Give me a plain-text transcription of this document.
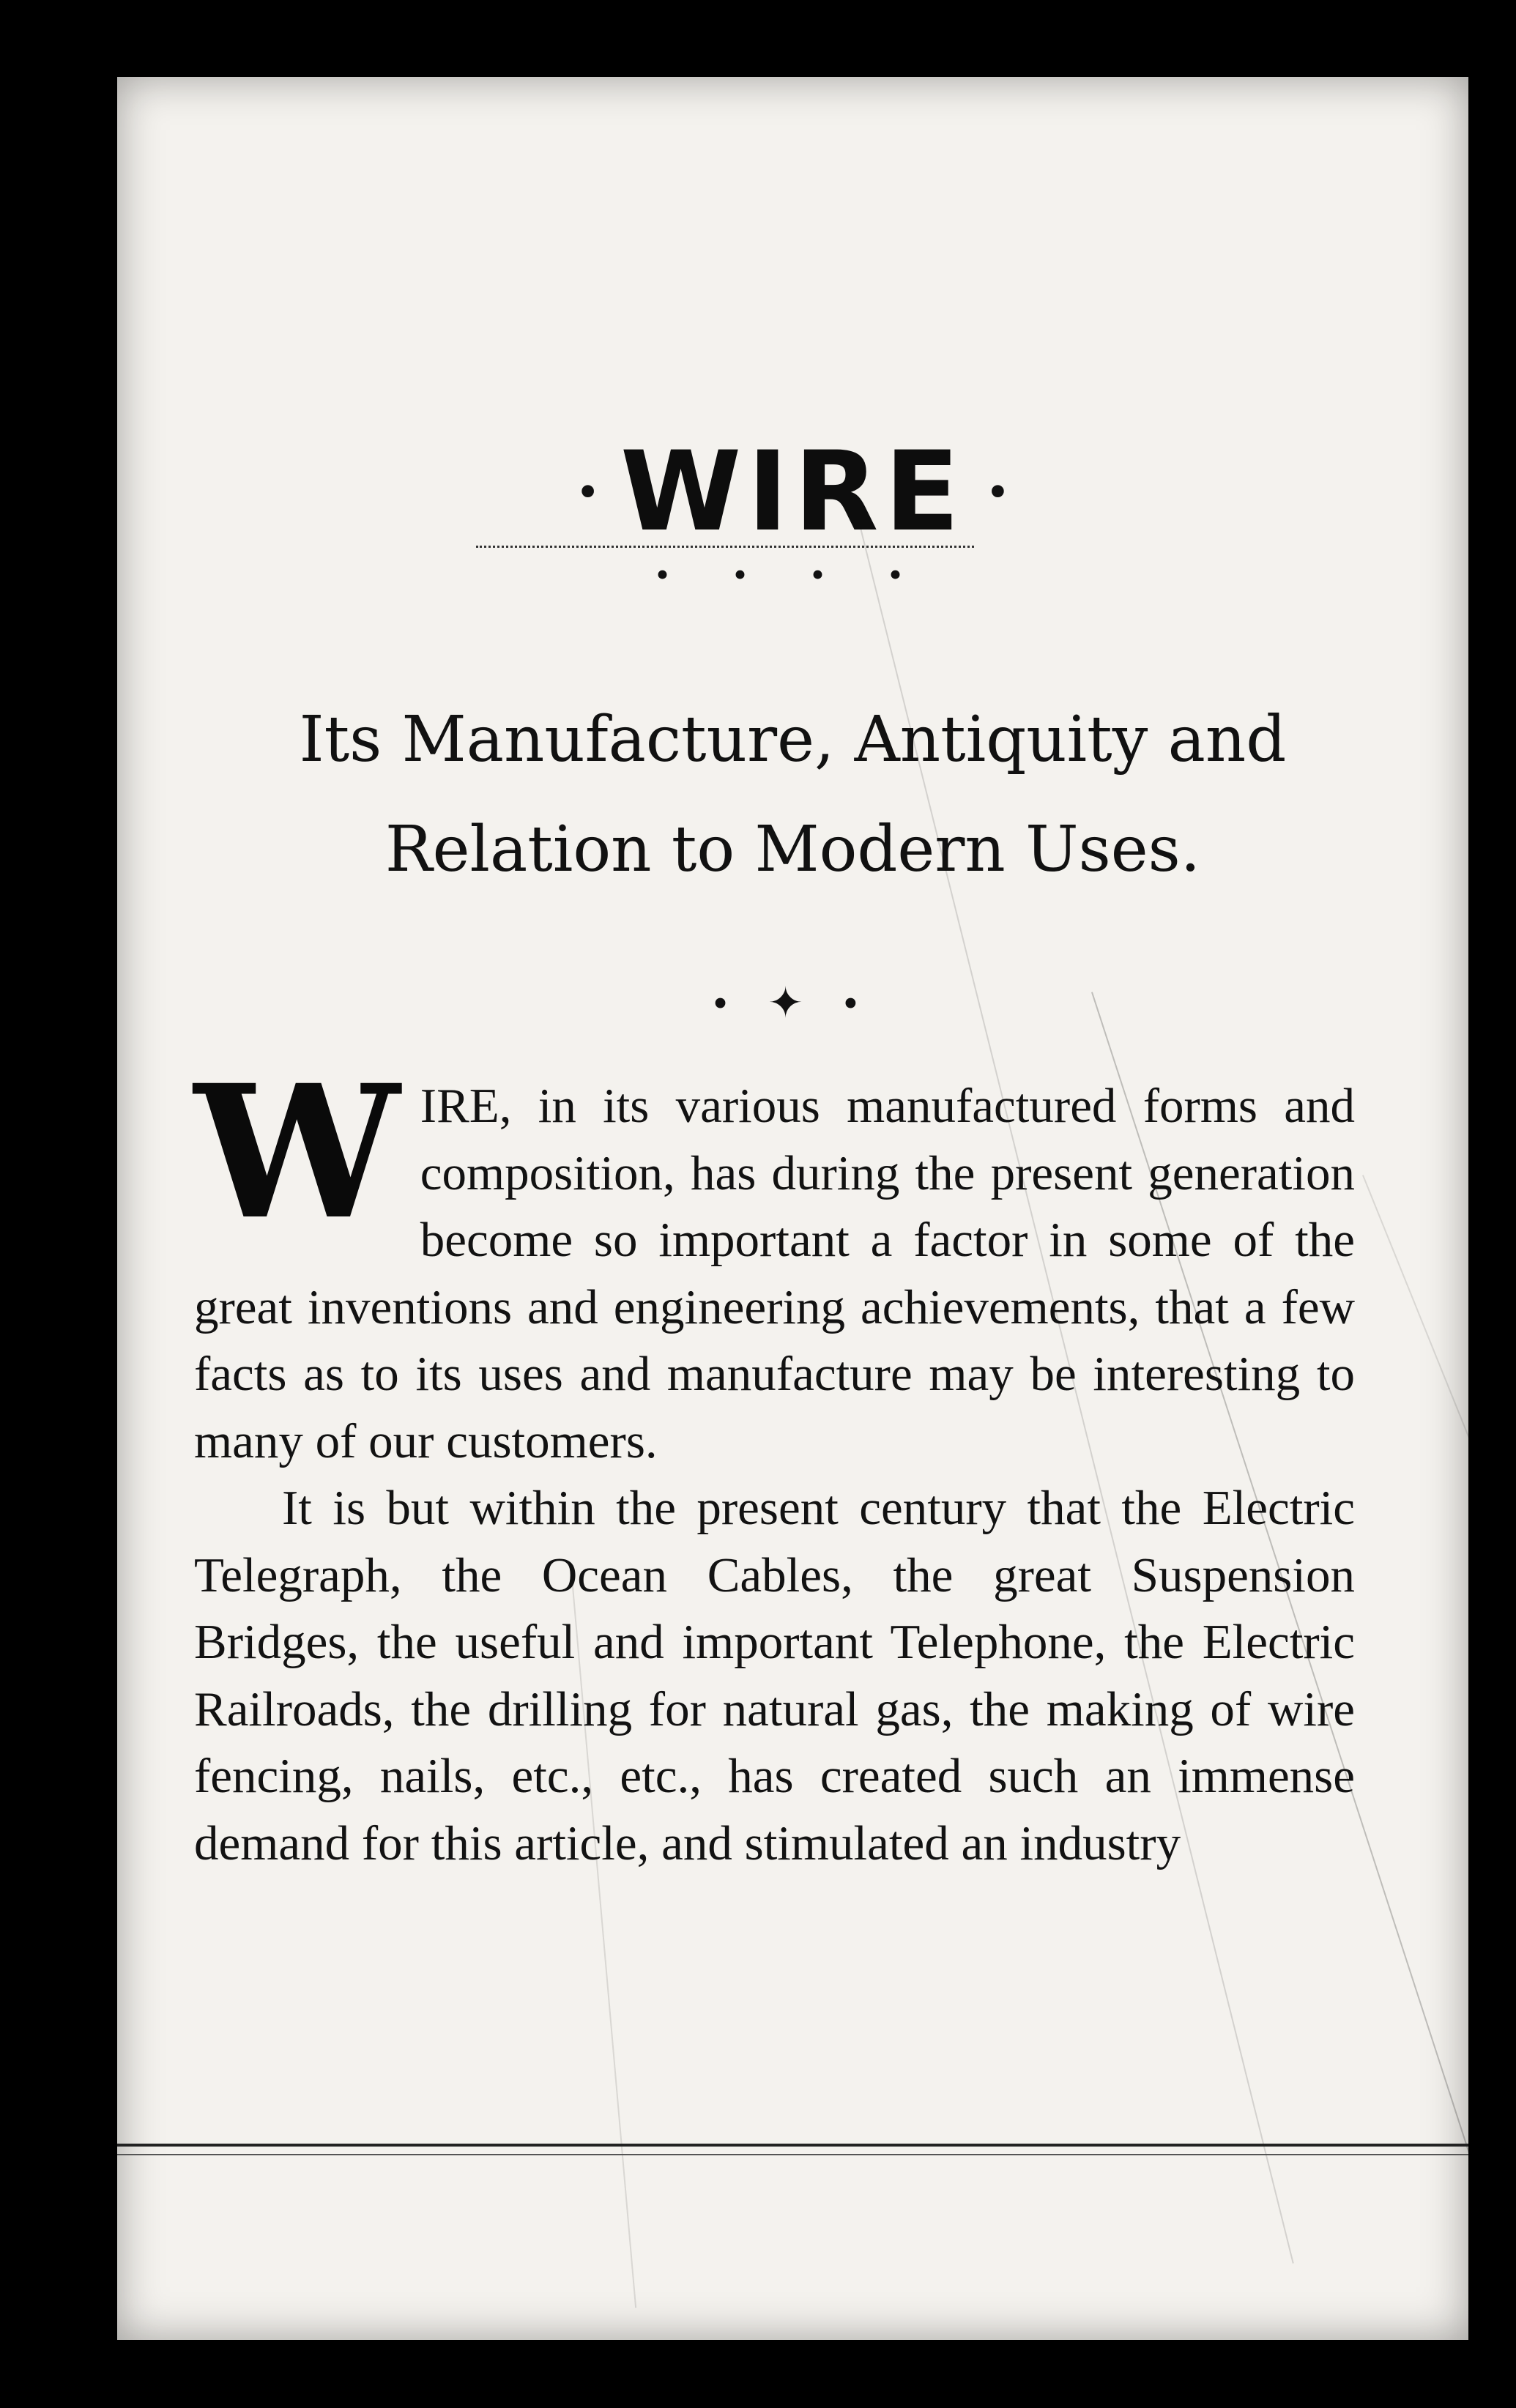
• WIRE •
• • • •
Its Manufacture, Antiquity and
Relation to Modern Uses.
• ✦ •

WIRE, in its various manufactured forms and composition, has during the present generation become so important a factor in some of the great inventions and engineering achievements, that a few facts as to its uses and manufacture may be interesting to many of our customers.

It is but within the present century that the Electric Telegraph, the Ocean Cables, the great Suspension Bridges, the useful and important Telephone, the Electric Railroads, the drilling for natural gas, the making of wire fencing, nails, etc., etc., has created such an immense demand for this article, and stimulated an industry
